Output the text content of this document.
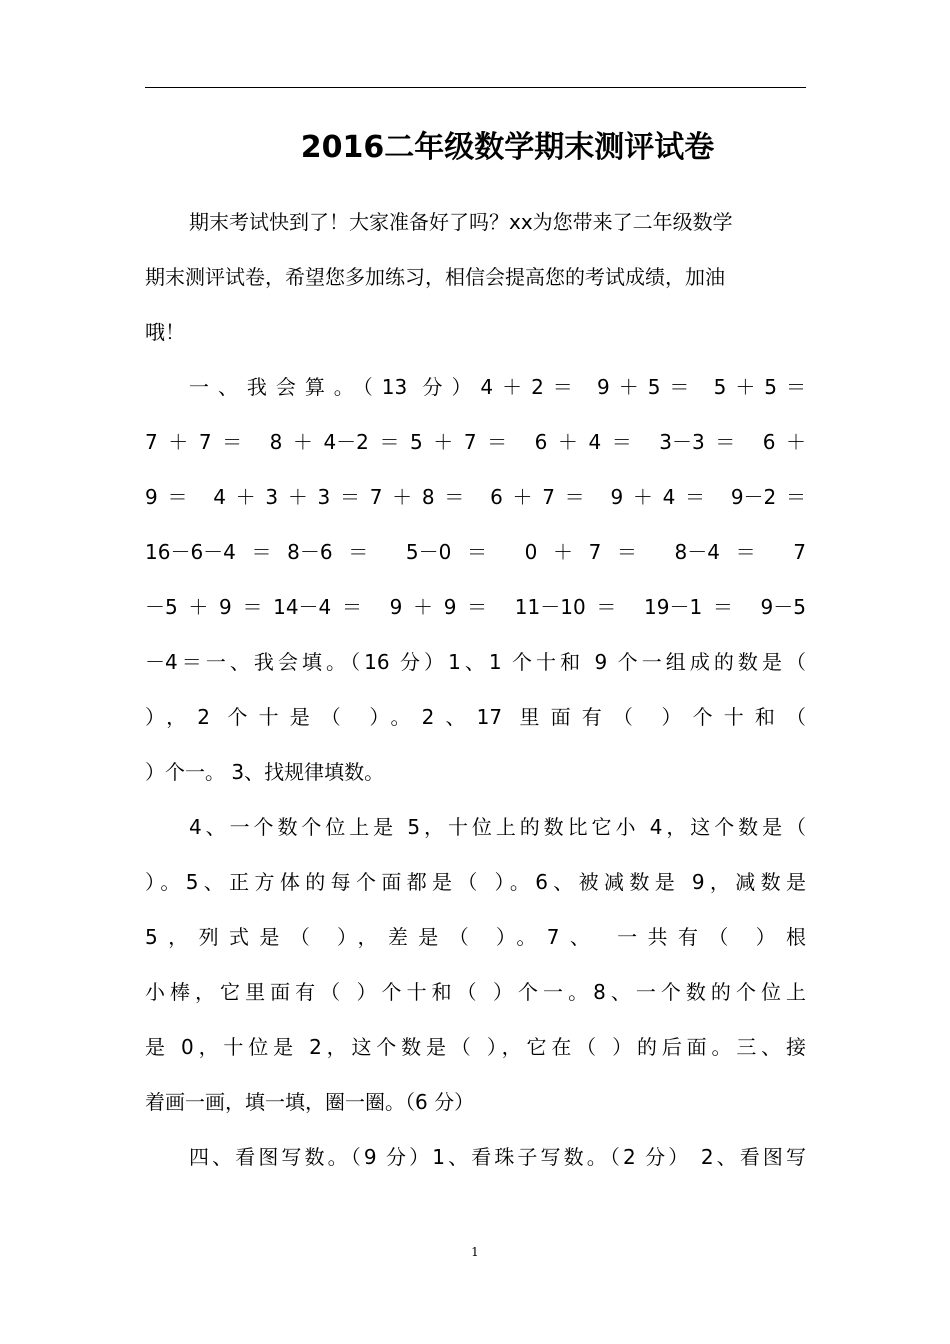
2016二年级数学期末测评试卷
期末考试快到了！大家准备好了吗？xx为您带来了二年级数学
期末测评试卷，希望您多加练习，相信会提高您的考试成绩，加油
哦！
一、我会算。（13 分）4＋2＝ 9＋5＝ 5＋5＝
7＋7＝ 8＋4－2＝5＋7＝ 6＋4＝ 3－3＝ 6＋
9＝ 4＋3＋3＝7＋8＝ 6＋7＝ 9＋4＝ 9－2＝
16－6－4＝8－6＝ 5－0＝ 0＋7＝ 8－4＝ 7
－5＋9＝14－4＝ 9＋9＝ 11－10＝ 19－1＝ 9－5
－4＝一、我会填。（16 分）1、1 个十和 9 个一组成的数是（
），2 个十是（ ）。2、17 里面有（ ）个十和（
）个一。 3、找规律填数。
4、一个数个位上是 5，十位上的数比它小 4，这个数是（
）。5、正方体的每个面都是（ ）。6、被减数是 9，减数是
5，列式是（ ），差是（ ）。7、 一共有（ ）根
小棒，它里面有（ ）个十和（ ）个一。8、一个数的个位上
是 0，十位是 2，这个数是（ ），它在（ ）的后面。三、接
着画一画，填一填，圈一圈。（6 分）
四、看图写数。（9 分）1、看珠子写数。（2 分） 2、看图写
1
